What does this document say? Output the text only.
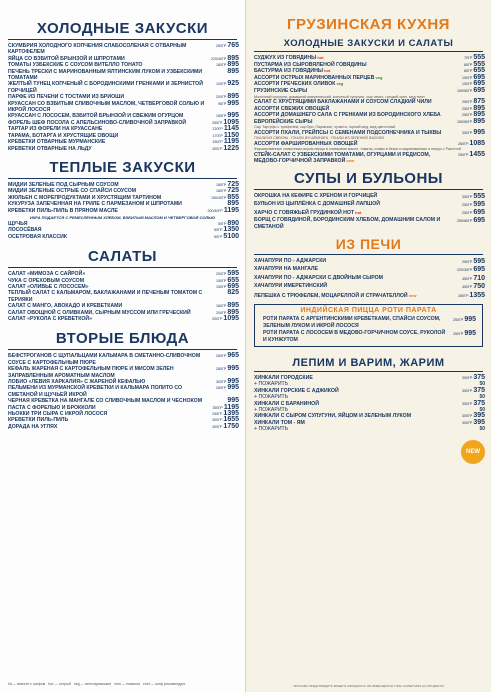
ХОЛОДНЫЕ ЗАКУСКИ
СКУМБРИЯ ХОЛОДНОГО КОПЧЕНИЯ СЛАБОСОЛЕНАЯ С ОТВАРНЫМ КАРТОФЕЛЕМ
250ГР765
ЯЙЦА СО ВЗБИТОЙ БРЫНЗОЙ И ШПРОТАМИ	220/40ГР895
ТОМАТЫ УЗБЕКСКИЕ С СОУСОМ ВИТЕЛЛО ТОНАТО	180ГР895
ПЕЧЕНЬ ТРЕСКИ С МАРИНОВАННЫМ ЯЛТИНСКИМ ЛУКОМ И УЗБЕКСКИМИ ТОМАТАМИ
895
ЖЕЛТЫЙ ТУНЕЦ КОПЧЕНЫЙ С БОРОДИНСКИМИ ГРЕНКАМИ И ЗЕРНИСТОЙ ГОРЧИЦЕЙ
120ГР925
ПАРФЕ ИЗ ПЕЧЕНИ С ТОСТАМИ ИЗ БРИОШИ	200ГР895
КРУАССАН СО ВЗБИТЫМ СЛИВОЧНЫМ МАСЛОМ, ЧЕТВЕРГОВОЙ СОЛЬЮ И ИКРОЙ ЛОСОСЯ
95ГР995
КРУАССАН С ЛОСОСЕМ, ВЗБИТОЙ БРЫНЗОЙ И СВЕЖИМ ОГУРЦОМ	165ГР995
ФОРЕЛЬ ШЕФ ПОСОЛА С АПЕЛЬСИНОВО-СЛИВОЧНОЙ ЗАПРАВКОЙ	250ГР1095
ТАРТАР ИЗ ФОРЕЛИ НА КРУАССАНЕ	220ГР1145
ТАРАМА, БОТАРГА И ХРУСТЯЩИЕ ОВОЩИ	170ГР1150
КРЕВЕТКИ ОТВАРНЫЕ МУРМАНСКИЕ	250ГР1195
КРЕВЕТКИ ОТВАРНЫЕ НА ЛЬДУ	300ГР1225
ТЕПЛЫЕ ЗАКУСКИ
МИДИИ ЗЕЛЕНЫЕ ПОД СЫРНЫМ СОУСОМ	180ГР725
МИДИИ ЗЕЛЕНЫЕ ОСТРЫЕ СО СПАЙСИ СОУСОМ	180ГР725
ЖЮЛЬЕН С МОРЕПРОДУКТАМИ И ХРУСТЯЩИМ ТАРТИНОМ	150/40ГР855
КУКУРУЗА ЗАПЕЧЕННАЯ НА ГРИЛЕ С ПАРМЕЗАНОМ И ШПРОТАМИ	895
КРЕВЕТКИ ПИЛЬ-ПИЛЬ В ПРЯНОМ МАСЛЕ	200/40ГР1195
ИКРА ПОДАЕТСЯ С РЕМЕСЛЕННЫМ ХЛЕБОМ, ВЗБИТЫМ МАСЛОМ И ЧЕТВЕРГОВОЙ СОЛЬЮ
ЩУЧЬЯ	50ГР890
ЛОСОСЁВАЯ	50ГР1350
ОСЕТРОВАЯ КЛАССИК	50ГР5100
САЛАТЫ
САЛАТ «МИМОЗА С САЙРОЙ»	200ГР595
ЧУКА С ОРЕХОВЫМ СОУСОМ	150ГР655
САЛАТ «ОЛИВЬЕ С ЛОСОСЕМ»	150ГР695
ТЕПЛЫЙ САЛАТ С КАЛЬМАРОМ, БАКЛАЖАНАМИ И ПЕЧЕНЫМ ТОМАТОМ С ТЕРИЯКИ
825
САЛАТ С МАНГО, АВОКАДО И КРЕВЕТКАМИ	160ГР895
САЛАТ ОВОЩНОЙ С ОЛИВКАМИ, СЫРНЫМ МУССОМ ИЛИ ГРЕЧЕСКИЙ	200ГР895
САЛАТ «РУКОЛА С КРЕВЕТКОЙ»	200ГР1095
ВТОРЫЕ БЛЮДА
БЕФСТРОГАНОВ С ЩУПАЛЬЦАМИ КАЛЬМАРА В СМЕТАННО-СЛИВОЧНОМ СОУСЕ С КАРТОФЕЛЬНЫМ ПЮРЕ
280ГР965
КЕФАЛЬ ЖАРЕНАЯ С КАРТОФЕЛЬНЫМ ПЮРЕ И МИСОМ ЗЕЛЕН ЗАПРАВЛЕННЫМ АРОМАТНЫМ МАСЛОМ
280ГР995
ЛОБИО «ЛЕВИЯ ХАРКАЛИЯ» С ЖАРЕНОЙ КЕФАЛЬЮ	300ГР995
ПЕЛЬМЕНИ ИЗ МУРМАНСКОЙ КРЕВЕТКИ И КАЛЬМАРА ПОЛИТО СО СМЕТАНОЙ И ЩУЧЬЕЙ ИКРОЙ
280ГР995
ЧЕРНАЯ КРЕВЕТКА НА МАНГАЛЕ СО СЛИВОЧНЫМ МАСЛОМ И ЧЕСНОКОМ	995
ПАСТА С ФОРЕЛЬЮ И БРОККОЛИ	350ГР1195
НЬОККИ ТРИ СЫРА С ИКРОЙ ЛОСОСЯ	250ГР1395
КРЕВЕТКИ ПИЛЬ-ПИЛЬ	300ГР1655
ДОРАДА НА УГЛЯХ	300ГР1750
hit — вместе с шефом hot — острый veg — вегетарианские new — новинка chef — шеф рекомендует
ГРУЗИНСКАЯ КУХНЯ
ХОЛОДНЫЕ ЗАКУСКИ И САЛАТЫ
СУДЖУХ ИЗ ГОВЯДИНЫ hot	70ГР555
ПУСТАРМА ИЗ СЫРОВЯЛЕНОЙ ГОВЯДИНЫ	80ГР555
БАСТУРМА ИЗ ГОВЯДИНЫ hot	80ГР655
АССОРТИ ОСТРЫХ МАРИНОВАННЫХ ПЕРЦЕВ veg	100ГР695
АССОРТИ ГРЕЧЕСКИХ ОЛИВОК veg	100ГР695
ГРУЗИНСКИЕ СЫРЫ	150/50ГР695
Молочный сулугуни, домашний имеретинский, копченый сулугуни, сыр чечил, грецкий орех, мед тмин
САЛАТ С ХРУСТЯЩИМИ БАКЛАЖАНАМИ И СОУСОМ СЛАДКИЙ ЧИЛИ	250ГР875
АССОРТИ СВЕЖИХ ОВОЩЕЙ	250ГР895
АССОРТИ ДОМАШНЕГО САЛА С ГРЕНКАМИ ИЗ БОРОДИНСКОГО ХЛЕБА	250ГР895
ЕВРОПЕЙСКИЕ СЫРЫ	150/50ГР895
Сыр Тартуфо с трюфелем, сыр бри, Пармезан, чучкета, горный мед, мед цветочный
АССОРТИ ПХАЛИ, ГРЕЙПСЫ С СЕМЕНАМИ ПОДСОЛНЕЧНИКА И ТЫКВЫ	300ГР995
ПХАЛИ ИЗ СВЕКЛЫ · ПХАЛИ ИЗ ШПИНАТА · ПХАЛИ ИЗ ЗЕЛЕНОЙ ФАСОЛИ
АССОРТИ ФАРШИРОВАННЫХ ОВОЩЕЙ	260ГР1085
Фаршированные сливочным сыром перцы в оливковом масле, томаты, сливы в бекон и маринованные и перцы с Рикоттой
СТЕЙК-САЛАТ С УЗБЕКСКИМИ ТОМАТАМИ, ОГУРЦАМИ И РЕДИСОМ, МЕДОВО-ГОРЧИЧНОЙ ЗАПРАВКОЙ new
250ГР1455
СУПЫ И БУЛЬОНЫ
ОКРОШКА НА КЕФИРЕ С ХРЕНОМ И ГОРЧИЦЕЙ	300ГР555
БУЛЬОН ИЗ ЦЫПЛЁНКА С ДОМАШНЕЙ ЛАПШОЙ	250ГР595
ХАРЧО С ГОВЯЖЬЕЙ ГРУДИНКОЙ НОТ hot	250ГР695
БОРЩ С ГОВЯДИНОЙ, БОРОДИНСКИМ ХЛЕБОМ, ДОМАШНИМ САЛОМ И СМЕТАНОЙ
250/80ГР695
ИЗ ПЕЧИ
ХАЧАПУРИ ПО - АДЖАРСКИ	250ГР595
ХАЧАПУРИ НА МАНГАЛЕ	220/30ГР695
ХАЧАПУРИ ПО - АДЖАРСКИ С ДВОЙНЫМ СЫРОМ	450ГР710
ХАЧАПУРИ ИМЕРЕТИНСКИЙ	400ГР750
ЛЕПЕШКА С ТРЮФЕЛЕМ, МОЦАРЕЛЛОЙ И СТРАЧАТЕЛЛОЙ new	280ГР1355
ИНДИЙСКАЯ ПИЦЦА РОТИ ПАРАТА
РОТИ ПАРАТА С АРГЕНТИНСКИМИ КРЕВЕТКАМИ, СПАЙСИ СОУСОМ, ЗЕЛЕНЫМ ЛУКОМ И ИКРОЙ ЛОСОСЯ
250ГР995
РОТИ ПАРАТА С ЛОСОСЕМ В МЕДОВО-ГОРЧИЧНОМ СОУСЕ, РУКОЛОЙ И КУНЖУТОМ
250ГР995
NEW
ЛЕПИМ И ВАРИМ, ЖАРИМ
ХИНКАЛИ ГОРОДСКИЕ	300ГР375
+ ПОЖАРИТЬ	50
ХИНКАЛИ ГОРСКИЕ С АДЖИКОЙ	300ГР375
+ ПОЖАРИТЬ	50
ХИНКАЛИ С БАРАНИНОЙ	300ГР375
+ ПОЖАРИТЬ	50
ХИНКАЛИ С СЫРОМ СУЛУГУНИ, ЯЙЦОМ И ЗЕЛЕНЫМ ЛУКОМ	300ГР395
ХИНКАЛИ ТОМ - ЯМ	300ГР395
+ ПОЖАРИТЬ	50
ПРОСЬБА ПРЕДУПРЕДИТЬ ВАШЕГО ОФИЦИАНТА ОБ ИМЕЮЩИХСЯ У ВАС АЛЛЕРГИЯХ НА ПРОДУКТЫ
